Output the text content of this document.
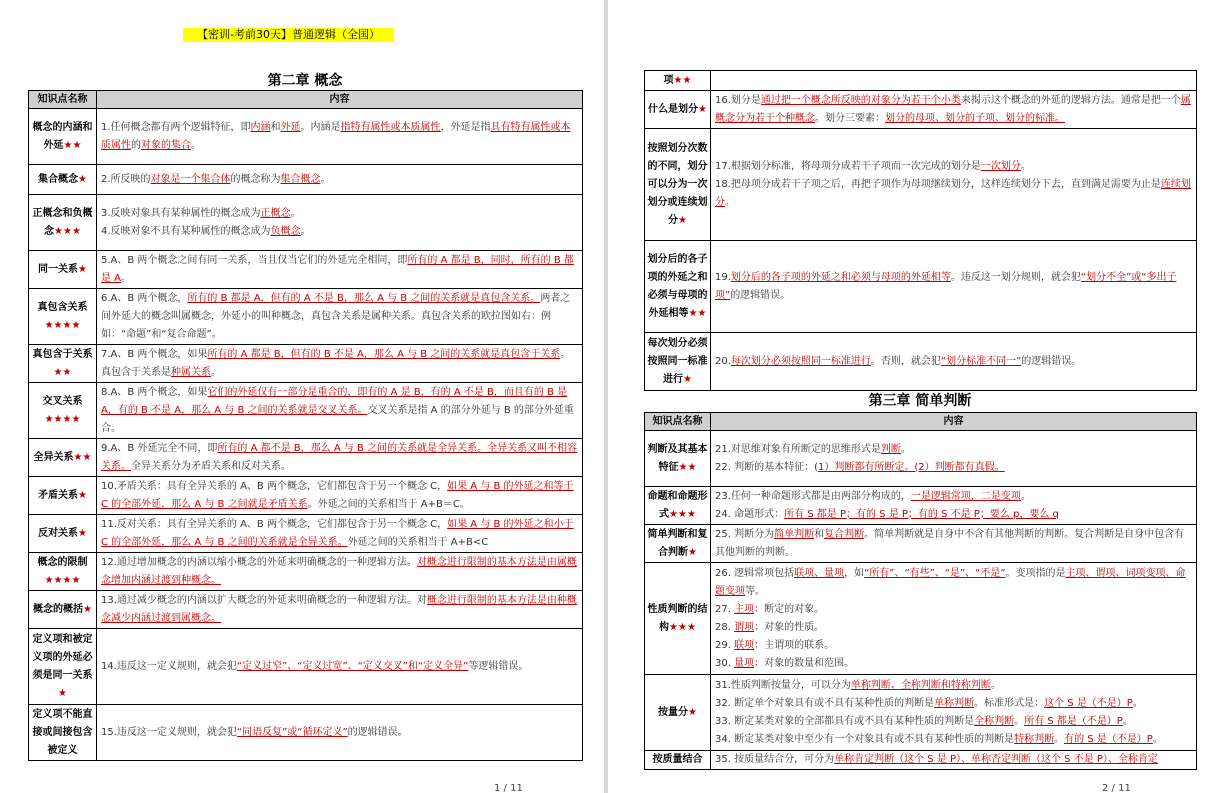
【密训-考前30天】普通逻辑（全国）
第二章 概念
知识点名称	内容
概念的内涵和外延★★	1.任何概念都有两个逻辑特征，即内涵和外延。内涵是指特有属性或本质属性，外延是指具有特有属性或本质属性的对象的集合。
集合概念★	2.所反映的对象是一个集合体的概念称为集合概念。
正概念和负概念★★★	3.反映对象具有某种属性的概念成为正概念。
4.反映对象不具有某种属性的概念成为负概念。
同一关系★	5.A、B 两个概念之间有同一关系，当且仅当它们的外延完全相同，即所有的 A 都是 B，同时，所有的 B 都是 A。
真包含关系★★★★	6.A、B 两个概念，所有的 B 都是 A，但有的 A 不是 B，那么 A 与 B 之间的关系就是真包含关系。两者之间外延大的概念叫属概念，外延小的叫种概念，真包含关系是属种关系。真包含关系的欧拉图如右：例如：“命题”和“复合命题”。
真包含于关系★★	7.A、B 两个概念，如果所有的 A 都是 B，但有的 B 不是 A，那么 A 与 B 之间的关系就是真包含于关系。真包含于关系是种属关系。
交叉关系★★★★	8.A、B 两个概念，如果它们的外延仅有一部分是重合的，即有的 A 是 B，有的 A 不是 B，而且有的 B 是 A，有的 B 不是 A，那么 A 与 B 之间的关系就是交叉关系。交叉关系是指 A 的部分外延与 B 的部分外延重合。
全异关系★★	9.A、B 外延完全不同，即所有的 A 都不是 B，那么 A 与 B 之间的关系就是全异关系。全异关系又叫不相容关系。全异关系分为矛盾关系和反对关系。
矛盾关系★	10.矛盾关系：具有全异关系的 A、B 两个概念，它们都包含于另一个概念 C，如果 A 与 B 的外延之和等于 C 的全部外延，那么 A 与 B 之间就是矛盾关系。外延之间的关系相当于 A+B＝C。
反对关系★	11.反对关系：具有全异关系的 A、B 两个概念，它们都包含于另一个概念 C，如果 A 与 B 的外延之和小于 C 的全部外延，那么 A 与 B 之间的关系就是全异关系。外延之间的关系相当于 A+B<C
概念的限制★★★★	12.通过增加概念的内涵以缩小概念的外延来明确概念的一种逻辑方法。对概念进行限制的基本方法是由属概念增加内涵过渡到种概念。
概念的概括★	13.通过减少概念的内涵以扩大概念的外延来明确概念的一种逻辑方法。对概念进行限制的基本方法是由种概念减少内涵过渡到属概念。
定义项和被定义项的外延必须是同一关系★	14.违反这一定义规则，就会犯“定义过窄”、“定义过宽”、“定义交叉”和“定义全异”等逻辑错误。
定义项不能直接或间接包含被定义	15.违反这一定义规则，就会犯“同语反复”或“循环定义”的逻辑错误。
1 / 11
项★★	
什么是划分★	16.划分是通过把一个概念所反映的对象分为若干个小类来揭示这个概念的外延的逻辑方法。通常是把一个属概念分为若干个种概念。划分三要素：划分的母项、划分的子项、划分的标准。
按照划分次数的不同，划分可以分为一次划分或连续划分★	17.根据划分标准，将母项分成若干子项而一次完成的划分是一次划分。
18.把母项分成若干子项之后，再把子项作为母项继续划分，这样连续划分下去，直到满足需要为止是连续划分。
划分后的各子项的外延之和必须与母项的外延相等★★	19.划分后的各子项的外延之和必须与母项的外延相等。违反这一划分规则，就会犯“划分不全”或“多出子项”的逻辑错误。
每次划分必须按照同一标准进行★	20.每次划分必须按照同一标准进行。否则，就会犯“划分标准不同一”的逻辑错误。
第三章 简单判断
知识点名称	内容
判断及其基本特征★★	21.对思维对象有所断定的思维形式是判断。
22. 判断的基本特征：(1）判断都有所断定。(2）判断都有真假。
命题和命题形式★★★	23.任何一种命题形式都是由两部分构成的，一是逻辑常项，二是变项。
24. 命题形式：所有 S 都是 P；有的 S 是 P；有的 S 不是 P；要么 p，要么 q
简单判断和复合判断★	25. 判断分为简单判断和复合判断。简单判断就是自身中不含有其他判断的判断。复合判断是自身中包含有其他判断的判断。
性质判断的结构★★★	26. 逻辑常项包括联项、量项，如“所有”、“有些”、“是”、“不是”。变项指的是主项、谓项、词项变项、命题变项等。
27. 主项：断定的对象。
28. 谓项：对象的性质。
29. 联项：主谓项的联系。
30. 量项：对象的数量和范围。
按量分★	31.性质判断按量分，可以分为单称判断、全称判断和特称判断。
32. 断定单个对象具有或不具有某种性质的判断是单称判断。标准形式是：这个 S 是（不是）P。
33. 断定某类对象的全部都具有或不具有某种性质的判断是全称判断。所有 S 都是（不是）P。
34. 断定某类对象中至少有一个对象具有或不具有某种性质的判断是特称判断。有的 S 是（不是）P。
按质量结合	35. 按质量结合分，可分为单称肯定判断（这个 S 是 P）、单称否定判断（这个 S 不是 P）、全称肯定
2 / 11
